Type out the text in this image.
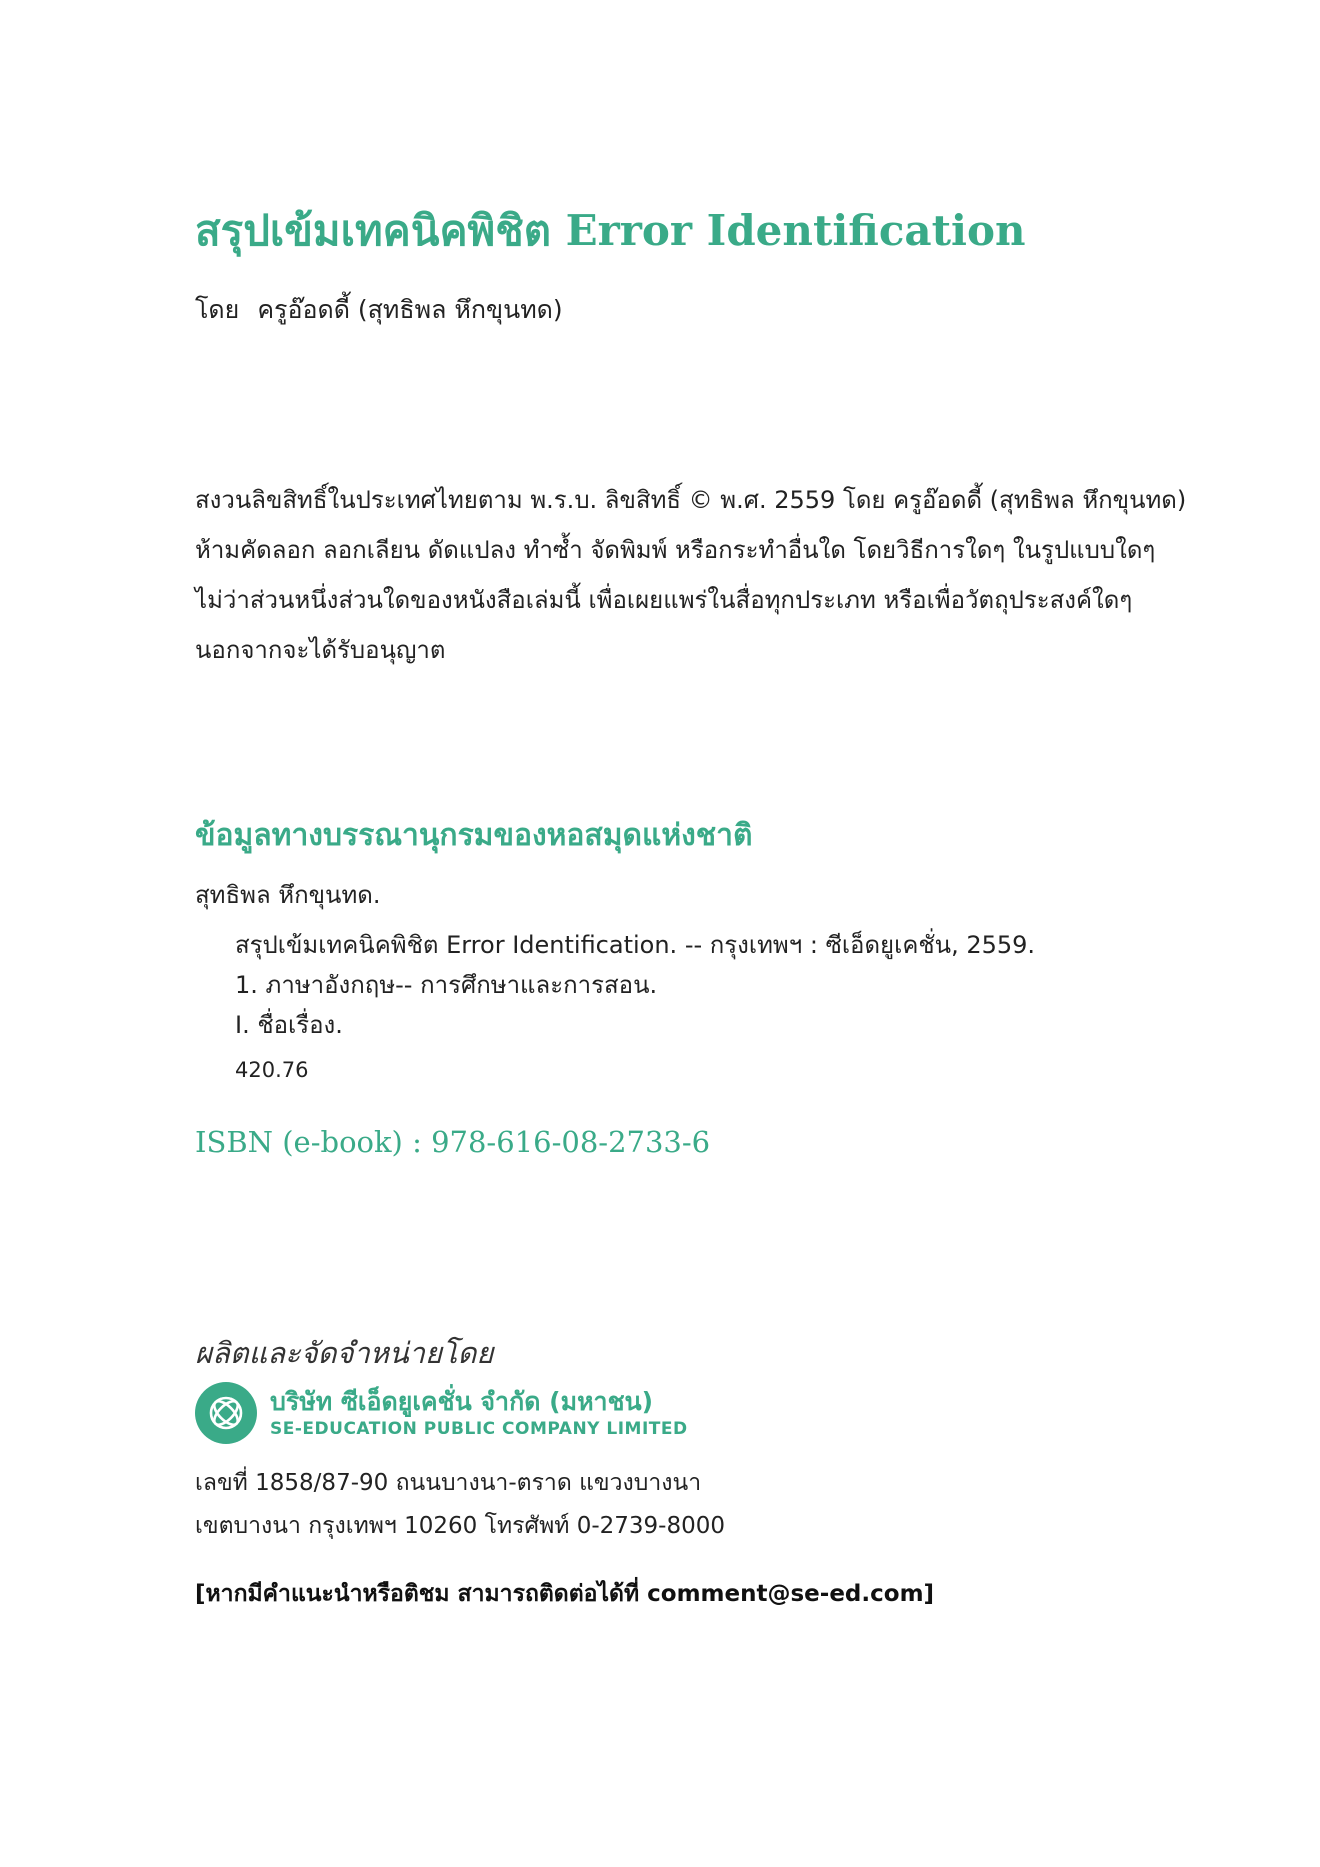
สรุปเข้มเทคนิคพิชิต Error Identification
โดย ครูอ๊อดดี้ (สุทธิพล หึกขุนทด)
สงวนลิขสิทธิ์ในประเทศไทยตาม พ.ร.บ. ลิขสิทธิ์ © พ.ศ. 2559 โดย ครูอ๊อดดี้ (สุทธิพล หึกขุนทด)
ห้ามคัดลอก ลอกเลียน ดัดแปลง ทำซ้ำ จัดพิมพ์ หรือกระทำอื่นใด โดยวิธีการใดๆ ในรูปแบบใดๆ
ไม่ว่าส่วนหนึ่งส่วนใดของหนังสือเล่มนี้ เพื่อเผยแพร่ในสื่อทุกประเภท หรือเพื่อวัตถุประสงค์ใดๆ
นอกจากจะได้รับอนุญาต
ข้อมูลทางบรรณานุกรมของหอสมุดแห่งชาติ
สุทธิพล หึกขุนทด.
สรุปเข้มเทคนิคพิชิต Error Identification. -- กรุงเทพฯ : ซีเอ็ดยูเคชั่น, 2559.
1. ภาษาอังกฤษ-- การศึกษาและการสอน.
I. ชื่อเรื่อง.
420.76
ISBN (e-book) : 978-616-08-2733-6
ผลิตและจัดจำหน่ายโดย
บริษัท ซีเอ็ดยูเคชั่น จำกัด (มหาชน)
SE-EDUCATION PUBLIC COMPANY LIMITED
เลขที่ 1858/87-90 ถนนบางนา-ตราด แขวงบางนา
เขตบางนา กรุงเทพฯ 10260 โทรศัพท์ 0-2739-8000
[หากมีคำแนะนำหรือติชม สามารถติดต่อได้ที่ comment@se-ed.com]
